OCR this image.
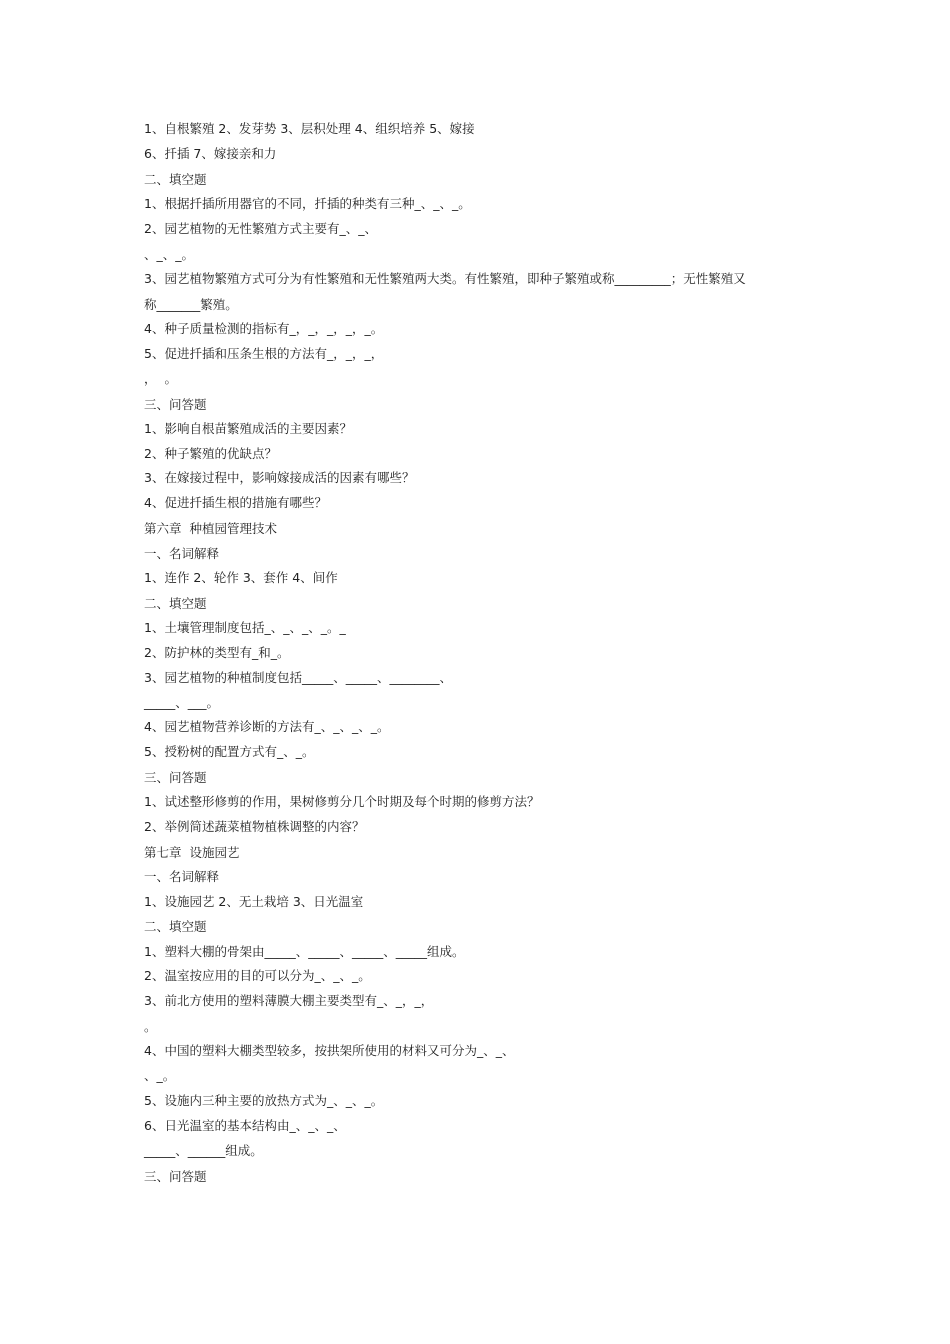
1、自根繁殖 2、发芽势 3、层积处理 4、组织培养 5、嫁接
6、扦插 7、嫁接亲和力
二、填空题
1、根据扦插所用器官的不同，扦插的种类有三种_、_、_。
2、园艺植物的无性繁殖方式主要有_、_、
、_、_。
3、园艺植物繁殖方式可分为有性繁殖和无性繁殖两大类。有性繁殖，即种子繁殖或称_________；无性繁殖又
称_______繁殖。
4、种子质量检测的指标有_，_，_，_，_。
5、促进扦插和压条生根的方法有_，_，_，
，  。
三、问答题
1、影响自根苗繁殖成活的主要因素？
2、种子繁殖的优缺点？
3、在嫁接过程中，影响嫁接成活的因素有哪些？
4、促进扦插生根的措施有哪些？
第六章  种植园管理技术
一、名词解释
1、连作 2、轮作 3、套作 4、间作
二、填空题
1、土壤管理制度包括_、_、_、_。_
2、防护林的类型有_和_。
3、园艺植物的种植制度包括_____、_____、________、
_____、___。
4、园艺植物营养诊断的方法有_、_、_、_。
5、授粉树的配置方式有_、_。
三、问答题
1、试述整形修剪的作用，果树修剪分几个时期及每个时期的修剪方法？
2、举例简述蔬菜植物植株调整的内容？
第七章  设施园艺
一、名词解释
1、设施园艺 2、无土栽培 3、日光温室
二、填空题
1、塑料大棚的骨架由_____、_____、_____、_____组成。
2、温室按应用的目的可以分为_、_、_。
3、前北方使用的塑料薄膜大棚主要类型有_、_，_，
。
4、中国的塑料大棚类型较多，按拱架所使用的材料又可分为_、_、
、_。
5、设施内三种主要的放热方式为_、_、_。
6、日光温室的基本结构由_、_、_、
_____、______组成。
三、问答题
